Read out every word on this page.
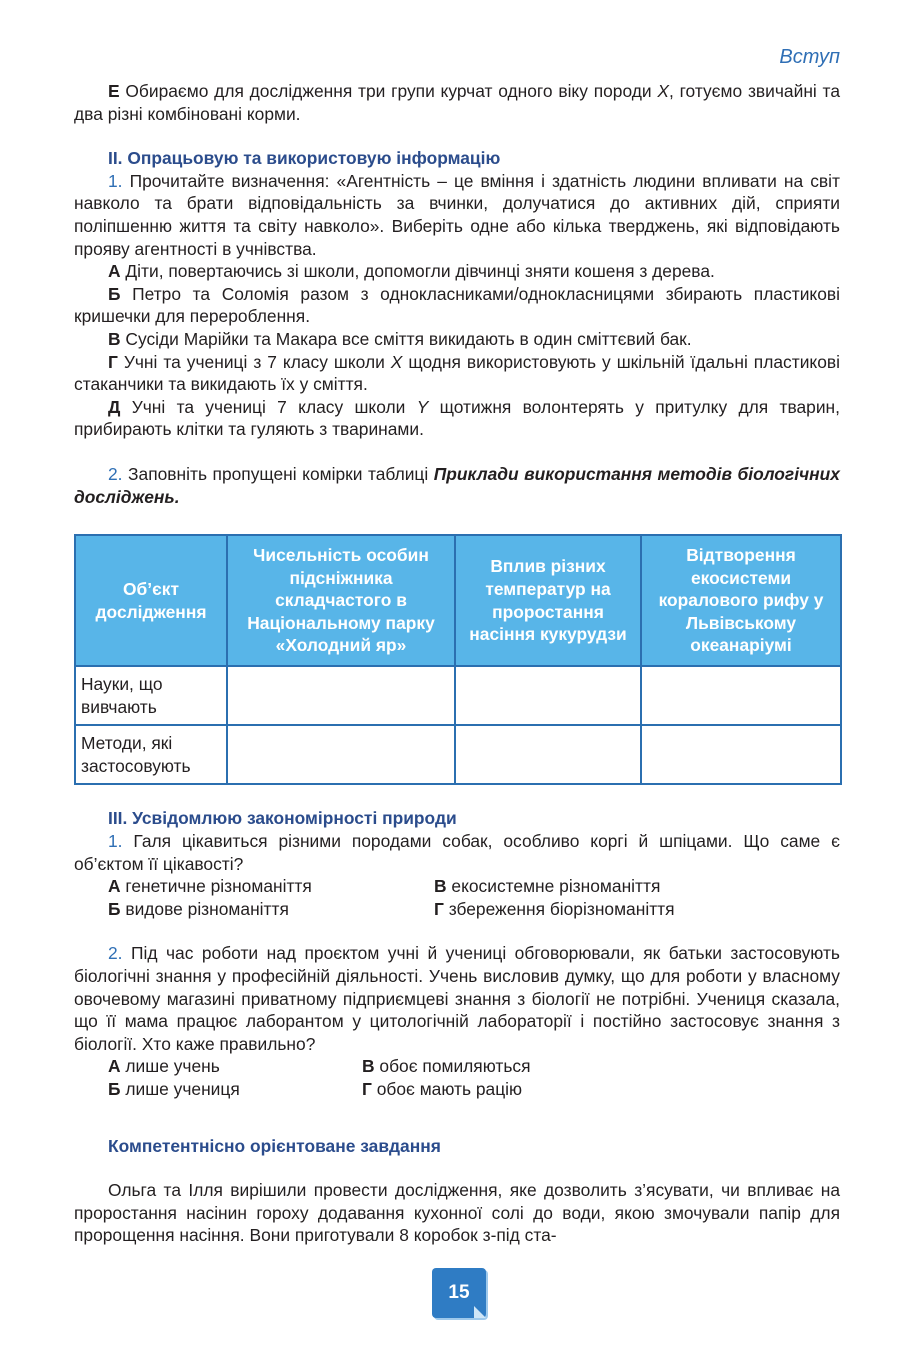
Вступ

Е Обираємо для дослідження три групи курчат одного віку породи X, готуємо звичайні та два різні комбіновані корми.

ІІ. Опрацьовую та використовую інформацію

1. Прочитайте визначення: «Агентність – це вміння і здатність людини впливати на світ навколо та брати відповідальність за вчинки, долучатися до активних дій, сприяти поліпшенню життя та світу навколо». Виберіть одне або кілька тверджень, які відповідають прояву агентності в учнівства.

А Діти, повертаючись зі школи, допомогли дівчинці зняти кошеня з дерева.

Б Петро та Соломія разом з однокласниками/однокласницями збирають пластикові кришечки для перероблення.

В Сусіди Марійки та Макара все сміття викидають в один сміттєвий бак.

Г Учні та учениці з 7 класу школи X щодня використовують у шкільній їдальні пластикові стаканчики та викидають їх у сміття.

Д Учні та учениці 7 класу школи Y щотижня волонтерять у притулку для тварин, прибирають клітки та гуляють з тваринами.

2. Заповніть пропущені комірки таблиці Приклади використання методів біологічних досліджень.

Об’єкт дослідження	Чисельність особин підсніжника складчастого в Національному парку «Холодний яр»	Вплив різних температур на проростання насіння кукурудзи	Відтворення екосистеми коралового рифу у Львівському океанаріумі
Науки, що вивчають			
Методи, які застосовують			
ІІІ. Усвідомлюю закономірності природи

1. Галя цікавиться різними породами собак, особливо коргі й шпіцами. Що саме є об’єктом її цікавості?

А генетичне різноманіття	В екосистемне різноманіття
Б видове різноманіття	Г збереження біорізноманіття

2. Під час роботи над проєктом учні й учениці обговорювали, як батьки застосовують біологічні знання у професійній діяльності. Учень висловив думку, що для роботи у власному овочевому магазині приватному підприємцеві знання з біології не потрібні. Учениця сказала, що її мама працює лаборантом у цитологічній лабораторії і постійно застосовує знання з біології. Хто каже правильно?

А лише учень	В обоє помиляються
Б лише учениця	Г обоє мають рацію
Компетентнісно орієнтоване завдання

Ольга та Ілля вирішили провести дослідження, яке дозволить з’ясувати, чи впливає на проростання насінин гороху додавання кухонної солі до води, якою змочували папір для пророщення насіння. Вони приготували 8 коробок з-під ста-

15
